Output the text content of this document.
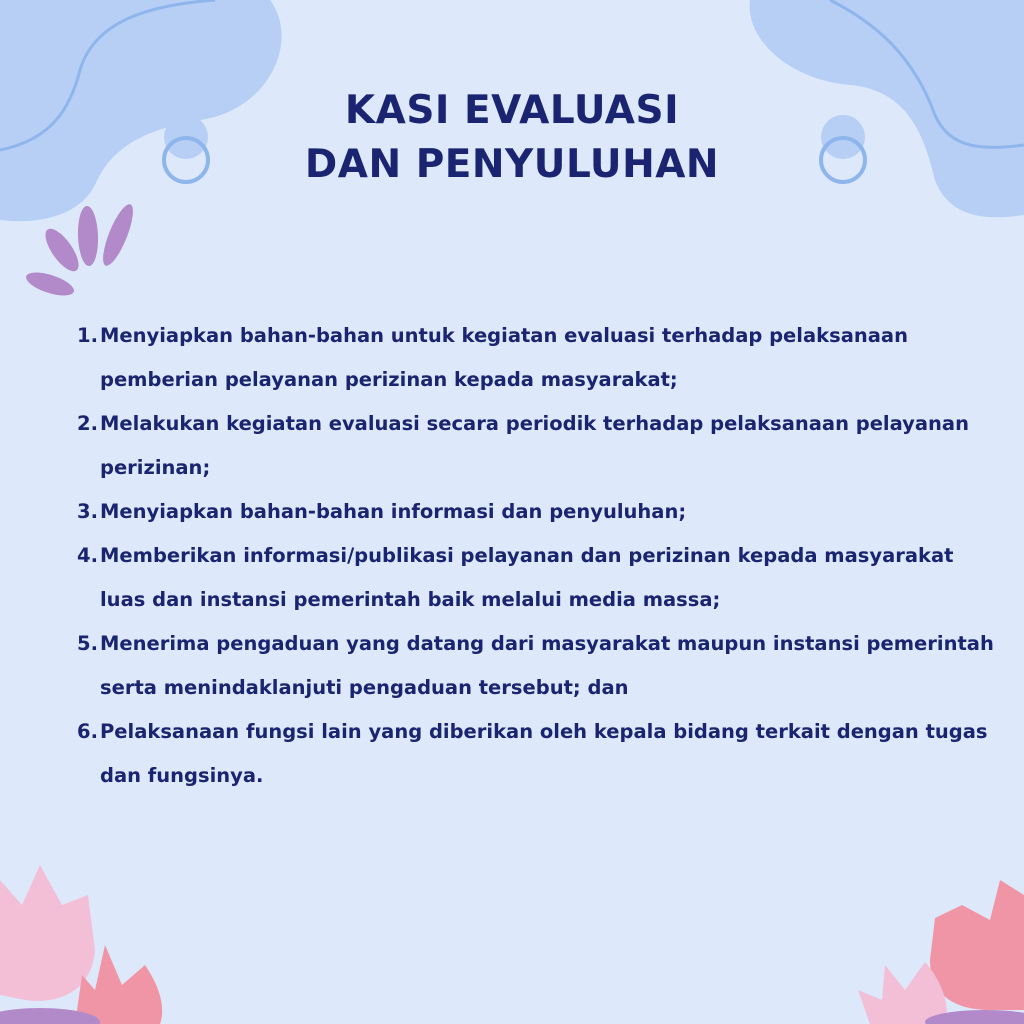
KASI EVALUASI
DAN PENYULUHAN
1. Menyiapkan bahan-bahan untuk kegiatan evaluasi terhadap pelaksanaan pemberian pelayanan perizinan kepada masyarakat;
2. Melakukan kegiatan evaluasi secara periodik terhadap pelaksanaan pelayanan perizinan;
3. Menyiapkan bahan-bahan informasi dan penyuluhan;
4. Memberikan informasi/publikasi pelayanan dan perizinan kepada masyarakat luas dan instansi pemerintah baik melalui media massa;
5. Menerima pengaduan yang datang dari masyarakat maupun instansi pemerintah serta menindaklanjuti pengaduan tersebut; dan
6. Pelaksanaan fungsi lain yang diberikan oleh kepala bidang terkait dengan tugas dan fungsinya.
